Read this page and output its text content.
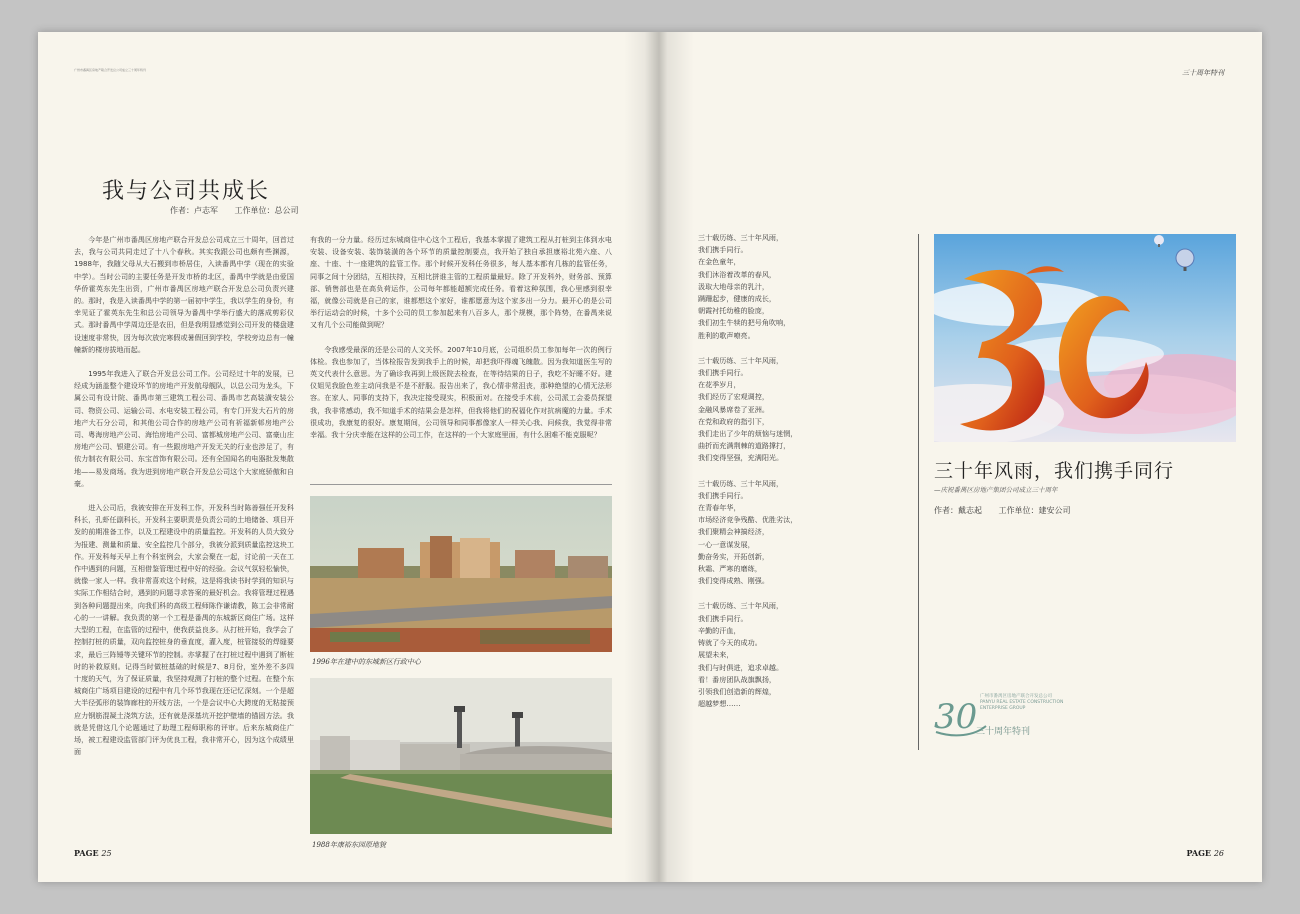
广州市番禺区房地产联合开发总公司成立三十周年特刊
我与公司共成长
作者：卢志军 工作单位：总公司

今年是广州市番禺区房地产联合开发总公司成立三十周年，回首过去，我与公司共同走过了十八个春秋。其实我跟公司也颇有些渊源，1988年，我随父母从大石搬到市桥居住，入读番禺中学（现在的实验中学）。当时公司的主要任务是开发市桥的北区，番禺中学就是由爱国华侨霍英东先生出资，广州市番禺区房地产联合开发总公司负责兴建的。那时，我是入读番禺中学的第一届初中学生，我以学生的身份，有幸见证了霍英东先生和总公司领导为番禺中学举行盛大的落成剪彩仪式。那时番禺中学周边还是农田，但是我明显感觉到公司开发的楼盘建设速度非常快，因为每次放完寒假或暑假回到学校，学校旁边总有一幢幢新的楼房拔地而起。

1995年我进入了联合开发总公司工作。公司经过十年的发展，已经成为涵盖整个建设环节的房地产开发航母舰队，以总公司为龙头，下属公司有设计院、番禺市第三建筑工程公司、番禺市艺高装潢安装公司、物资公司、运输公司、水电安装工程公司，有专门开发大石片的房地产大石分公司，和其他公司合作的房地产公司有祈福新邨房地产公司、粤海房地产公司、海怡房地产公司、富都城房地产公司、富豪山庄房地产公司、银建公司。有一些跟房地产开发无关的行业也涉足了，有依力制衣有限公司、东宝首饰有限公司。还有全国闻名的电器批发集散地——易发商场。我为进到房地产联合开发总公司这个大家庭骄傲和自豪。

进入公司后，我被安排在开发科工作，开发科当时陈善强任开发科科长，孔虾任副科长，开发科主要职责是负责公司的土地储备、项目开发的前期准备工作，以及工程建设中的质量监控。开发科的人员大致分为报建、测量和质量、安全监控几个部分，我被分派到质量监控这块工作。开发科每天早上有个科室例会，大家会聚在一起，讨论前一天在工作中遇到的问题，互相借鉴管理过程中好的经验。会议气氛轻松愉快，就像一家人一样。我非常喜欢这个时候，这是将我读书时学到的知识与实际工作相结合时，遇到的问题寻求答案的最好机会。我将管理过程遇到各种问题提出来，向我们科的高级工程师陈作谦请教，陈工会非常耐心的一一讲解。我负责的第一个工程是番禺的东城新区商住广场。这样大型的工程，在监管的过程中，使我获益良多。从打桩开始，我学会了控制打桩的质量，双向监控桩身的垂直度，灌入度，桩管接驳的焊缝要求，最后三阵锤等关键环节的控制。亦掌握了在打桩过程中遇到了断桩时的补救原则。记得当时做桩基础的时候是7、8月份，室外差不多四十度的天气，为了保证质量，我坚持观测了打桩的整个过程。在整个东城商住广场项目建设的过程中有几个环节我现在还记忆深刻。一个是超大半径弧形的装饰廊柱的开线方法，一个是会议中心大跨度的无粘接预应力钢筋混凝土浇筑方法，还有就是深基坑开挖护壁墙的锚固方法。我就是凭借这几个论题通过了助理工程师职称的评审。后来东城商住广场，被工程建设监管部门评为优良工程，我非常开心，因为这个成绩里面

有我的一分力量。经历过东城商住中心这个工程后，我基本掌握了建筑工程从打桩到主体到水电安装、设备安装、装饰装潢的各个环节的质量控制要点，我开始了独自承担康裕北苑六座、八座、十座、十一座建筑的监管工作。那个时候开发科任务很多，每人基本都有几栋的监管任务，同事之间十分团结，互相扶持，互相比拼谁主管的工程质量最好。除了开发科外，财务部、预算部、销售部也是在高负荷运作，公司每年都能超额完成任务。看着这种氛围，我心里感到很幸福，就像公司就是自己的家，谁都想这个家好，谁都愿意为这个家多出一分力。最开心的是公司举行运动会的时候，十多个公司的员工参加起来有八百多人，那个规模，那个阵势，在番禺来说又有几个公司能做到呢？

令我感受最深的还是公司的人文关怀。2007年10月底，公司组织员工参加每年一次的例行体检。我也参加了，当体检报告发到我手上的时候，却把我吓得魂飞魄散。因为我知道医生写的英文代表什么意思。为了确诊我再到上级医院去检查，在等待结果的日子，我吃不好睡不好。建仪姐见我脸色差主动问我是不是不舒服。报告出来了，我心情非常沮丧，那种绝望的心情无法形容。在家人、同事的支持下，我决定接受现实，积极面对。在接受手术前，公司派工会委员探望我，我非常感动，我不知道手术的结果会是怎样，但我将他们的祝福化作对抗病魔的力量。手术很成功，我康复的很好。康复期间，公司领导和同事都像家人一样关心我、问候我，我觉得非常幸福。我十分庆幸能在这样的公司工作，在这样的一个大家庭里面，有什么困难不能克服呢？

1996年在建中的东城新区行政中心
1988年康裕东园原地貌
PAGE 25
三十周年特刊
三十载历练、三十年风雨，
我们携手同行。
在金色童年，
我们沐浴着改革的春风，
汲取大地母亲的乳汁，
蹒跚起步，健康的成长，
朝霞衬托幼稚的脸庞，
我们初生牛犊的把号角吹响，
胜利的歌声嘹亮。
三十载历练、三十年风雨，
我们携手同行。
在花季岁月，
我们经历了宏观调控，
金融风暴席卷了亚洲。
在党和政府的指引下，
我们走出了少年的烦恼与迷惘，
曲折而充满荆棘的道路撑打，
我们变得坚强，充满阳光。
三十载历练、三十年风雨，
我们携手同行。
在青春年华，
市场经济竞争残酷、优胜劣汰，
我们聚精会神搞经济，
一心一意谋发展，
勤奋务实，开拓创新，
秋霜、严寒的磨练，
我们变得成熟、刚强。
三十载历练、三十年风雨，
我们携手同行。
辛勤的汗血，
铸就了今天的成功。
展望未来，
我们与时俱进，追求卓越。
看！番房团队战旗飘扬，
引领我们创造新的辉煌，
超越梦想……
三十年风雨，我们携手同行
—庆祝番禺区房地产集团公司成立三十周年
作者：戴志起 工作单位：建安公司
30
广州市番禺区房地产联合开发总公司
PANYU REAL ESTATE CONSTRUCTION
ENTERPRISE GROUP
三十周年特刊
PAGE 26
